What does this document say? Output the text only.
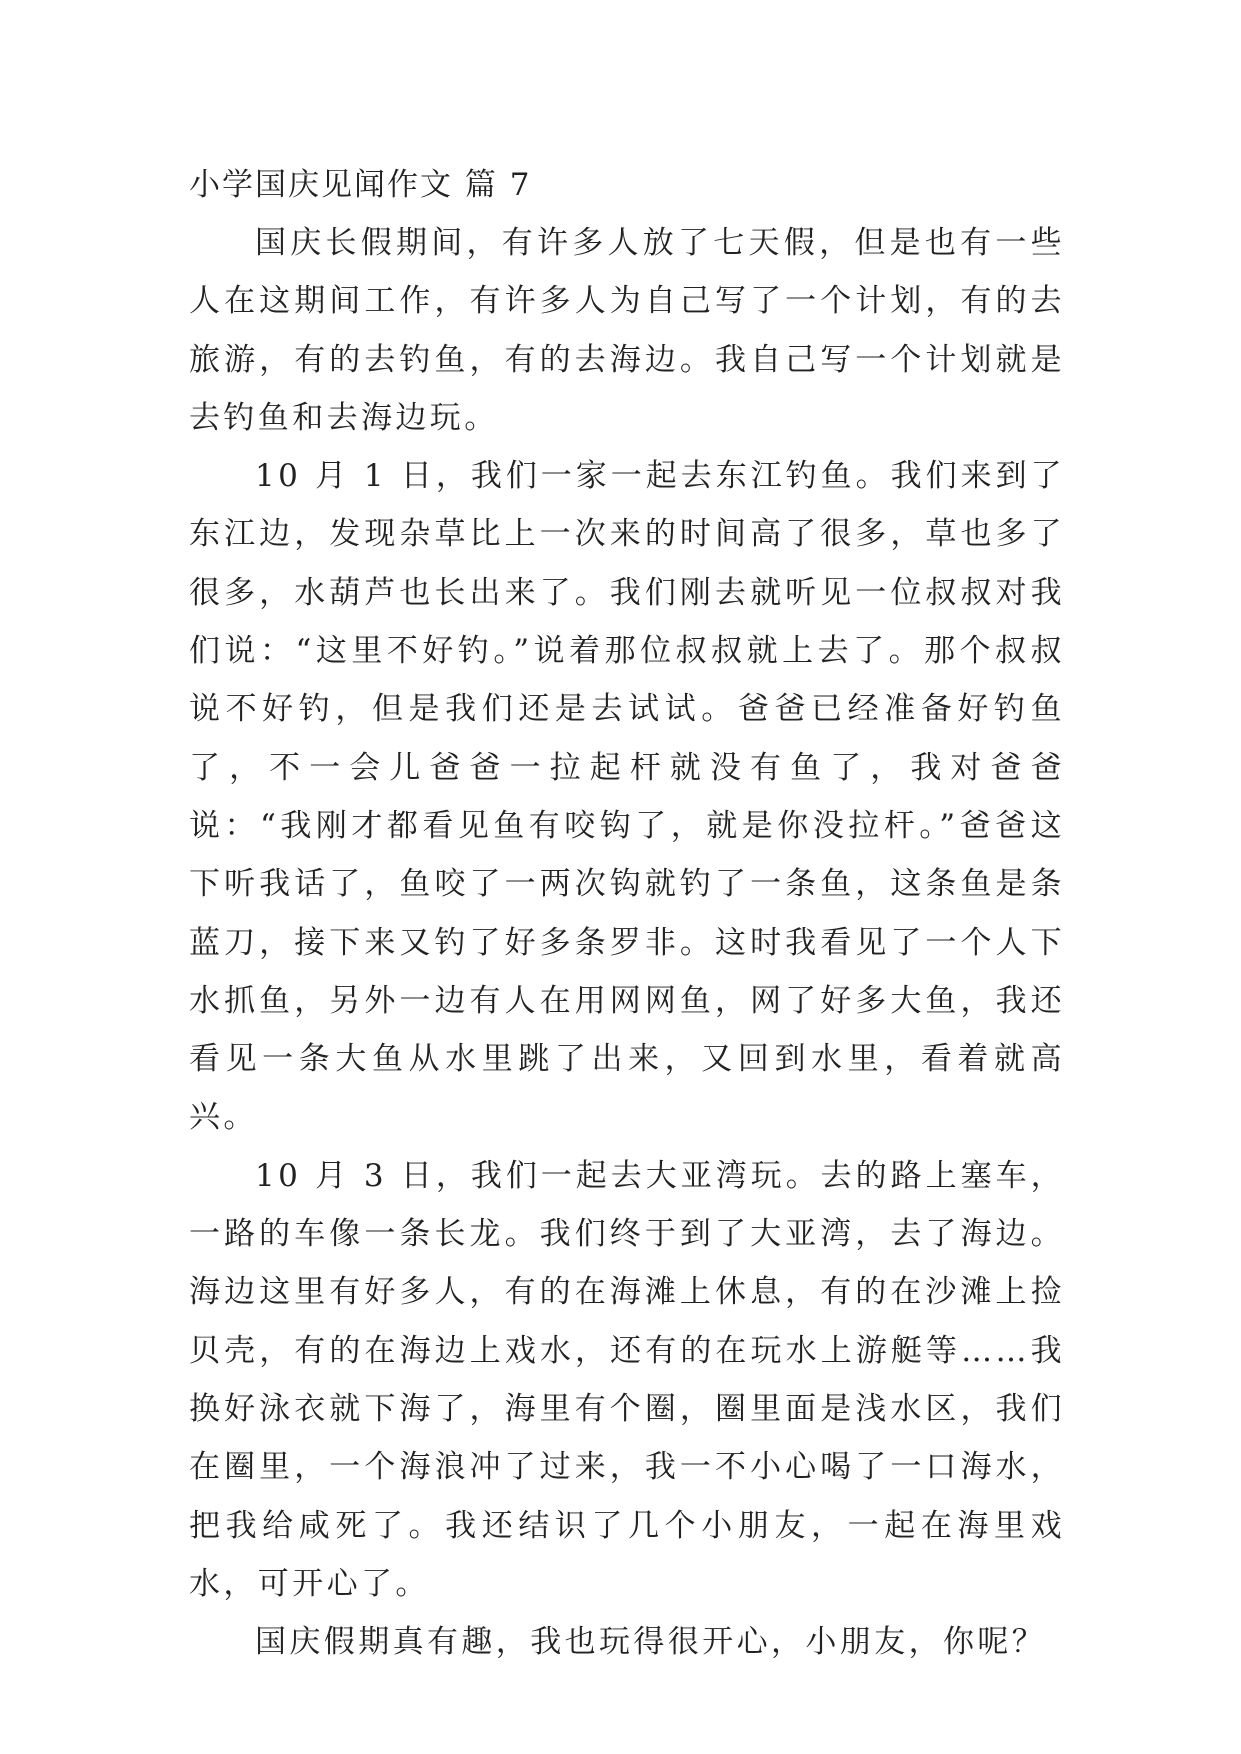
小学国庆见闻作文 篇 7

国庆长假期间，有许多人放了七天假，但是也有一些人在这期间工作，有许多人为自己写了一个计划，有的去旅游，有的去钓鱼，有的去海边。我自己写一个计划就是去钓鱼和去海边玩。

10 月 1 日，我们一家一起去东江钓鱼。我们来到了东江边，发现杂草比上一次来的时间高了很多，草也多了很多，水葫芦也长出来了。我们刚去就听见一位叔叔对我们说：“这里不好钓。”说着那位叔叔就上去了。那个叔叔说不好钓，但是我们还是去试试。爸爸已经准备好钓鱼了，不一会儿爸爸一拉起杆就没有鱼了，我对爸爸说：“我刚才都看见鱼有咬钩了，就是你没拉杆。”爸爸这下听我话了，鱼咬了一两次钩就钓了一条鱼，这条鱼是条蓝刀，接下来又钓了好多条罗非。这时我看见了一个人下水抓鱼，另外一边有人在用网网鱼，网了好多大鱼，我还看见一条大鱼从水里跳了出来，又回到水里，看着就高兴。

10 月 3 日，我们一起去大亚湾玩。去的路上塞车，一路的车像一条长龙。我们终于到了大亚湾，去了海边。海边这里有好多人，有的在海滩上休息，有的在沙滩上捡贝壳，有的在海边上戏水，还有的在玩水上游艇等……我换好泳衣就下海了，海里有个圈，圈里面是浅水区，我们在圈里，一个海浪冲了过来，我一不小心喝了一口海水，把我给咸死了。我还结识了几个小朋友，一起在海里戏水，可开心了。

国庆假期真有趣，我也玩得很开心，小朋友，你呢？
